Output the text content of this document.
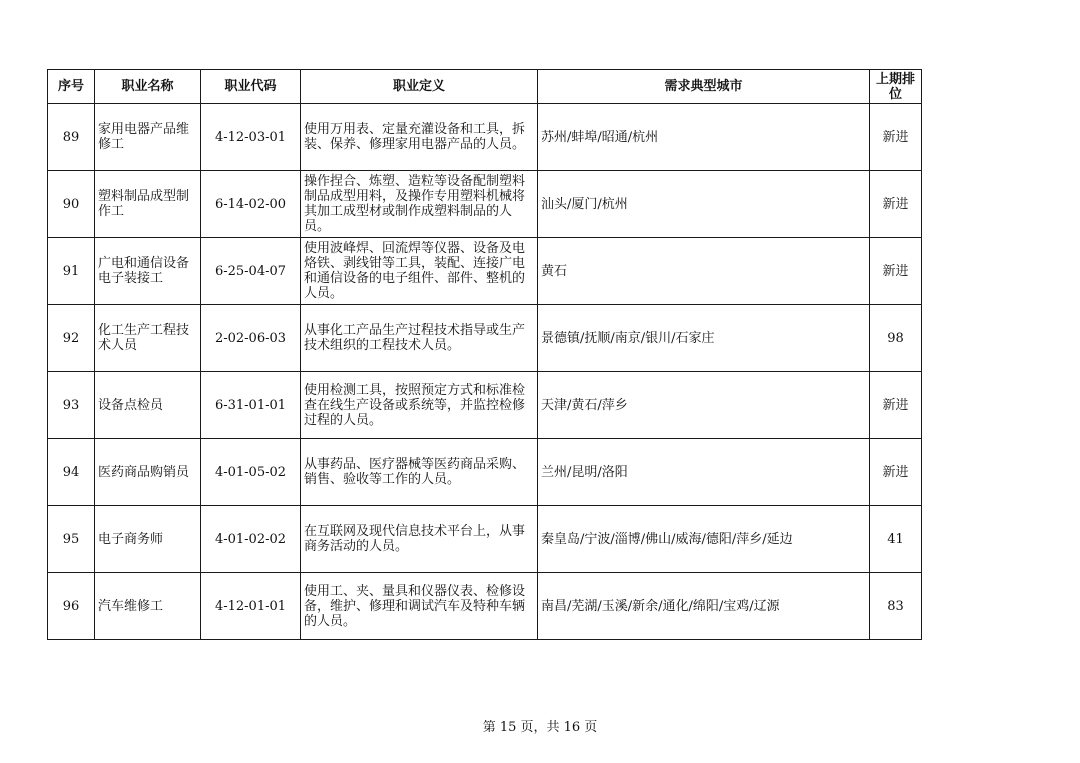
序号	职业名称	职业代码	职业定义	需求典型城市	上期排位
89	家用电器产品维修工	4-12-03-01	使用万用表、定量充灌设备和工具，拆装、保养、修理家用电器产品的人员。	苏州/蚌埠/昭通/杭州	新进
90	塑料制品成型制作工	6-14-02-00	操作捏合、炼塑、造粒等设备配制塑料制品成型用料，及操作专用塑料机械将其加工成型材或制作成塑料制品的人员。	汕头/厦门/杭州	新进
91	广电和通信设备电子装接工	6-25-04-07	使用波峰焊、回流焊等仪器、设备及电烙铁、剥线钳等工具，装配、连接广电和通信设备的电子组件、部件、整机的人员。	黄石	新进
92	化工生产工程技术人员	2-02-06-03	从事化工产品生产过程技术指导或生产技术组织的工程技术人员。	景德镇/抚顺/南京/银川/石家庄	98
93	设备点检员	6-31-01-01	使用检测工具，按照预定方式和标准检查在线生产设备或系统等，并监控检修过程的人员。	天津/黄石/萍乡	新进
94	医药商品购销员	4-01-05-02	从事药品、医疗器械等医药商品采购、销售、验收等工作的人员。	兰州/昆明/洛阳	新进
95	电子商务师	4-01-02-02	在互联网及现代信息技术平台上，从事商务活动的人员。	秦皇岛/宁波/淄博/佛山/威海/德阳/萍乡/延边	41
96	汽车维修工	4-12-01-01	使用工、夹、量具和仪器仪表、检修设备，维护、修理和调试汽车及特种车辆的人员。	南昌/芜湖/玉溪/新余/通化/绵阳/宝鸡/辽源	83
第 15 页，共 16 页
